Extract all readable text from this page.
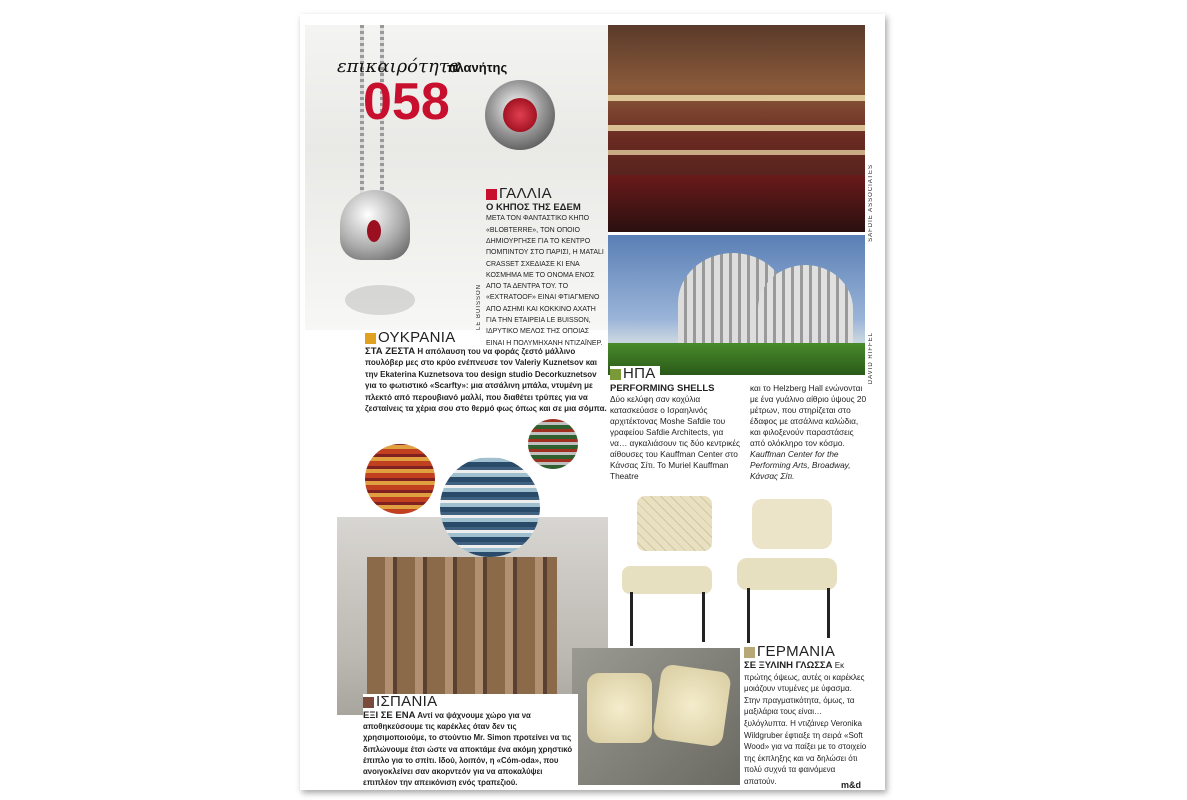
επικαιρότητα
πλανήτης
058
ΓΑΛΛΙΑ
Ο ΚΗΠΟΣ ΤΗΣ ΕΔΕΜ
ΜΕΤΑ ΤΟΝ ΦΑΝΤΑΣΤΙΚΟ ΚΗΠΟ «BLOBTERRE», ΤΟΝ ΟΠΟΙΟ ΔΗΜΙΟΥΡΓΗΣΕ ΓΙΑ ΤΟ ΚΕΝΤΡΟ ΠΟΜΠΙΝΤΟΥ ΣΤΟ ΠΑΡΙΣΙ, Η ΜΑΤΑLI CRASSET ΣΧΕΔΙΑΣΕ ΚΙ ΕΝΑ ΚΟΣΜΗΜΑ ΜΕ ΤΟ ΟΝΟΜΑ ΕΝΟΣ ΑΠΟ ΤΑ ΔΕΝΤΡΑ ΤΟΥ. ΤΟ «EXTRATOOF» ΕΙΝΑΙ ΦΤΙΑΓΜΕΝΟ ΑΠΟ ΑΣΗΜΙ ΚΑΙ ΚΟΚΚΙΝΟ ΑΧΑΤΗ ΓΙΑ ΤΗΝ ΕΤΑΙΡΕΙΑ LE BUISSON, ΙΔΡΥΤΙΚΟ ΜΕΛΟΣ ΤΗΣ ΟΠΟΙΑΣ ΕΙΝΑΙ Η ΠΟΛΥΜΗΧΑΝΗ ΝΤΙΖΑΪΝΕΡ.
LE BUISSON
SAFDIE ASSOCIATES
DAVID RIFFEL
ΗΠΑ
PERFORMING SHELLS
Δύο κελύφη σαν κοχύλια κατασκεύασε ο Ισραηλινός αρχιτέκτονας Moshe Safdie του γραφείου Safdie Architects, για να… αγκαλιάσουν τις δύο κεντρικές αίθουσες του Kauffman Center στο Κάνσας Σίτι. Το Muriel Kauffman Theatre
και το Helzberg Hall ενώνονται με ένα γυάλινο αίθριο ύψους 20 μέτρων, που στηρίζεται στο έδαφος με ατσάλινα καλώδια, και φιλοξενούν παραστάσεις από ολόκληρο τον κόσμο. Kauffman Center for the Performing Arts, Broadway, Κάνσας Σίτι.
ΟΥΚΡΑΝΙΑ
ΣΤΑ ΖΕΣΤΑ Η απόλαυση του να φοράς ζεστό μάλλινο πουλόβερ μες στο κρύο ενέπνευσε τον Valeriy Kuznetsov και την Ekaterina Kuznetsova του design studio Decorkuznetsov για το φωτιστικό «Scarfty»: μια ατσάλινη μπάλα, ντυμένη με πλεκτό από περουβιανό μαλλί, που διαθέτει τρύπες για να ζεσταίνεις τα χέρια σου στο θερμό φως όπως και σε μια σόμπα.
ΙΣΠΑΝΙΑ
ΕΞΙ ΣΕ ΕΝΑ Αντί να ψάχνουμε χώρο για να αποθηκεύσουμε τις καρέκλες όταν δεν τις χρησιμοποιούμε, το στούντιο Mr. Simon προτείνει να τις διπλώνουμε έτσι ώστε να αποκτάμε ένα ακόμη χρηστικό έπιπλο για το σπίτι. Ιδού, λοιπόν, η «Cóm-oda», που ανοιγοκλείνει σαν ακορντεόν για να αποκαλύψει επιπλέον την απεικόνιση ενός τραπεζιού.
ΓΕΡΜΑΝΙΑ
ΣΕ ΞΥΛΙΝΗ ΓΛΩΣΣΑ Εκ πρώτης όψεως, αυτές οι καρέκλες μοιάζουν ντυμένες με ύφασμα. Στην πραγματικότητα, όμως, τα μαξιλάρια τους είναι… ξυλόγλυπτα. Η ντιζάινερ Veronika Wildgruber έφτιαξε τη σειρά «Soft Wood» για να παίξει με το στοιχείο της έκπληξης και να δηλώσει ότι πολύ συχνά τα φαινόμενα απατούν.	m&d
